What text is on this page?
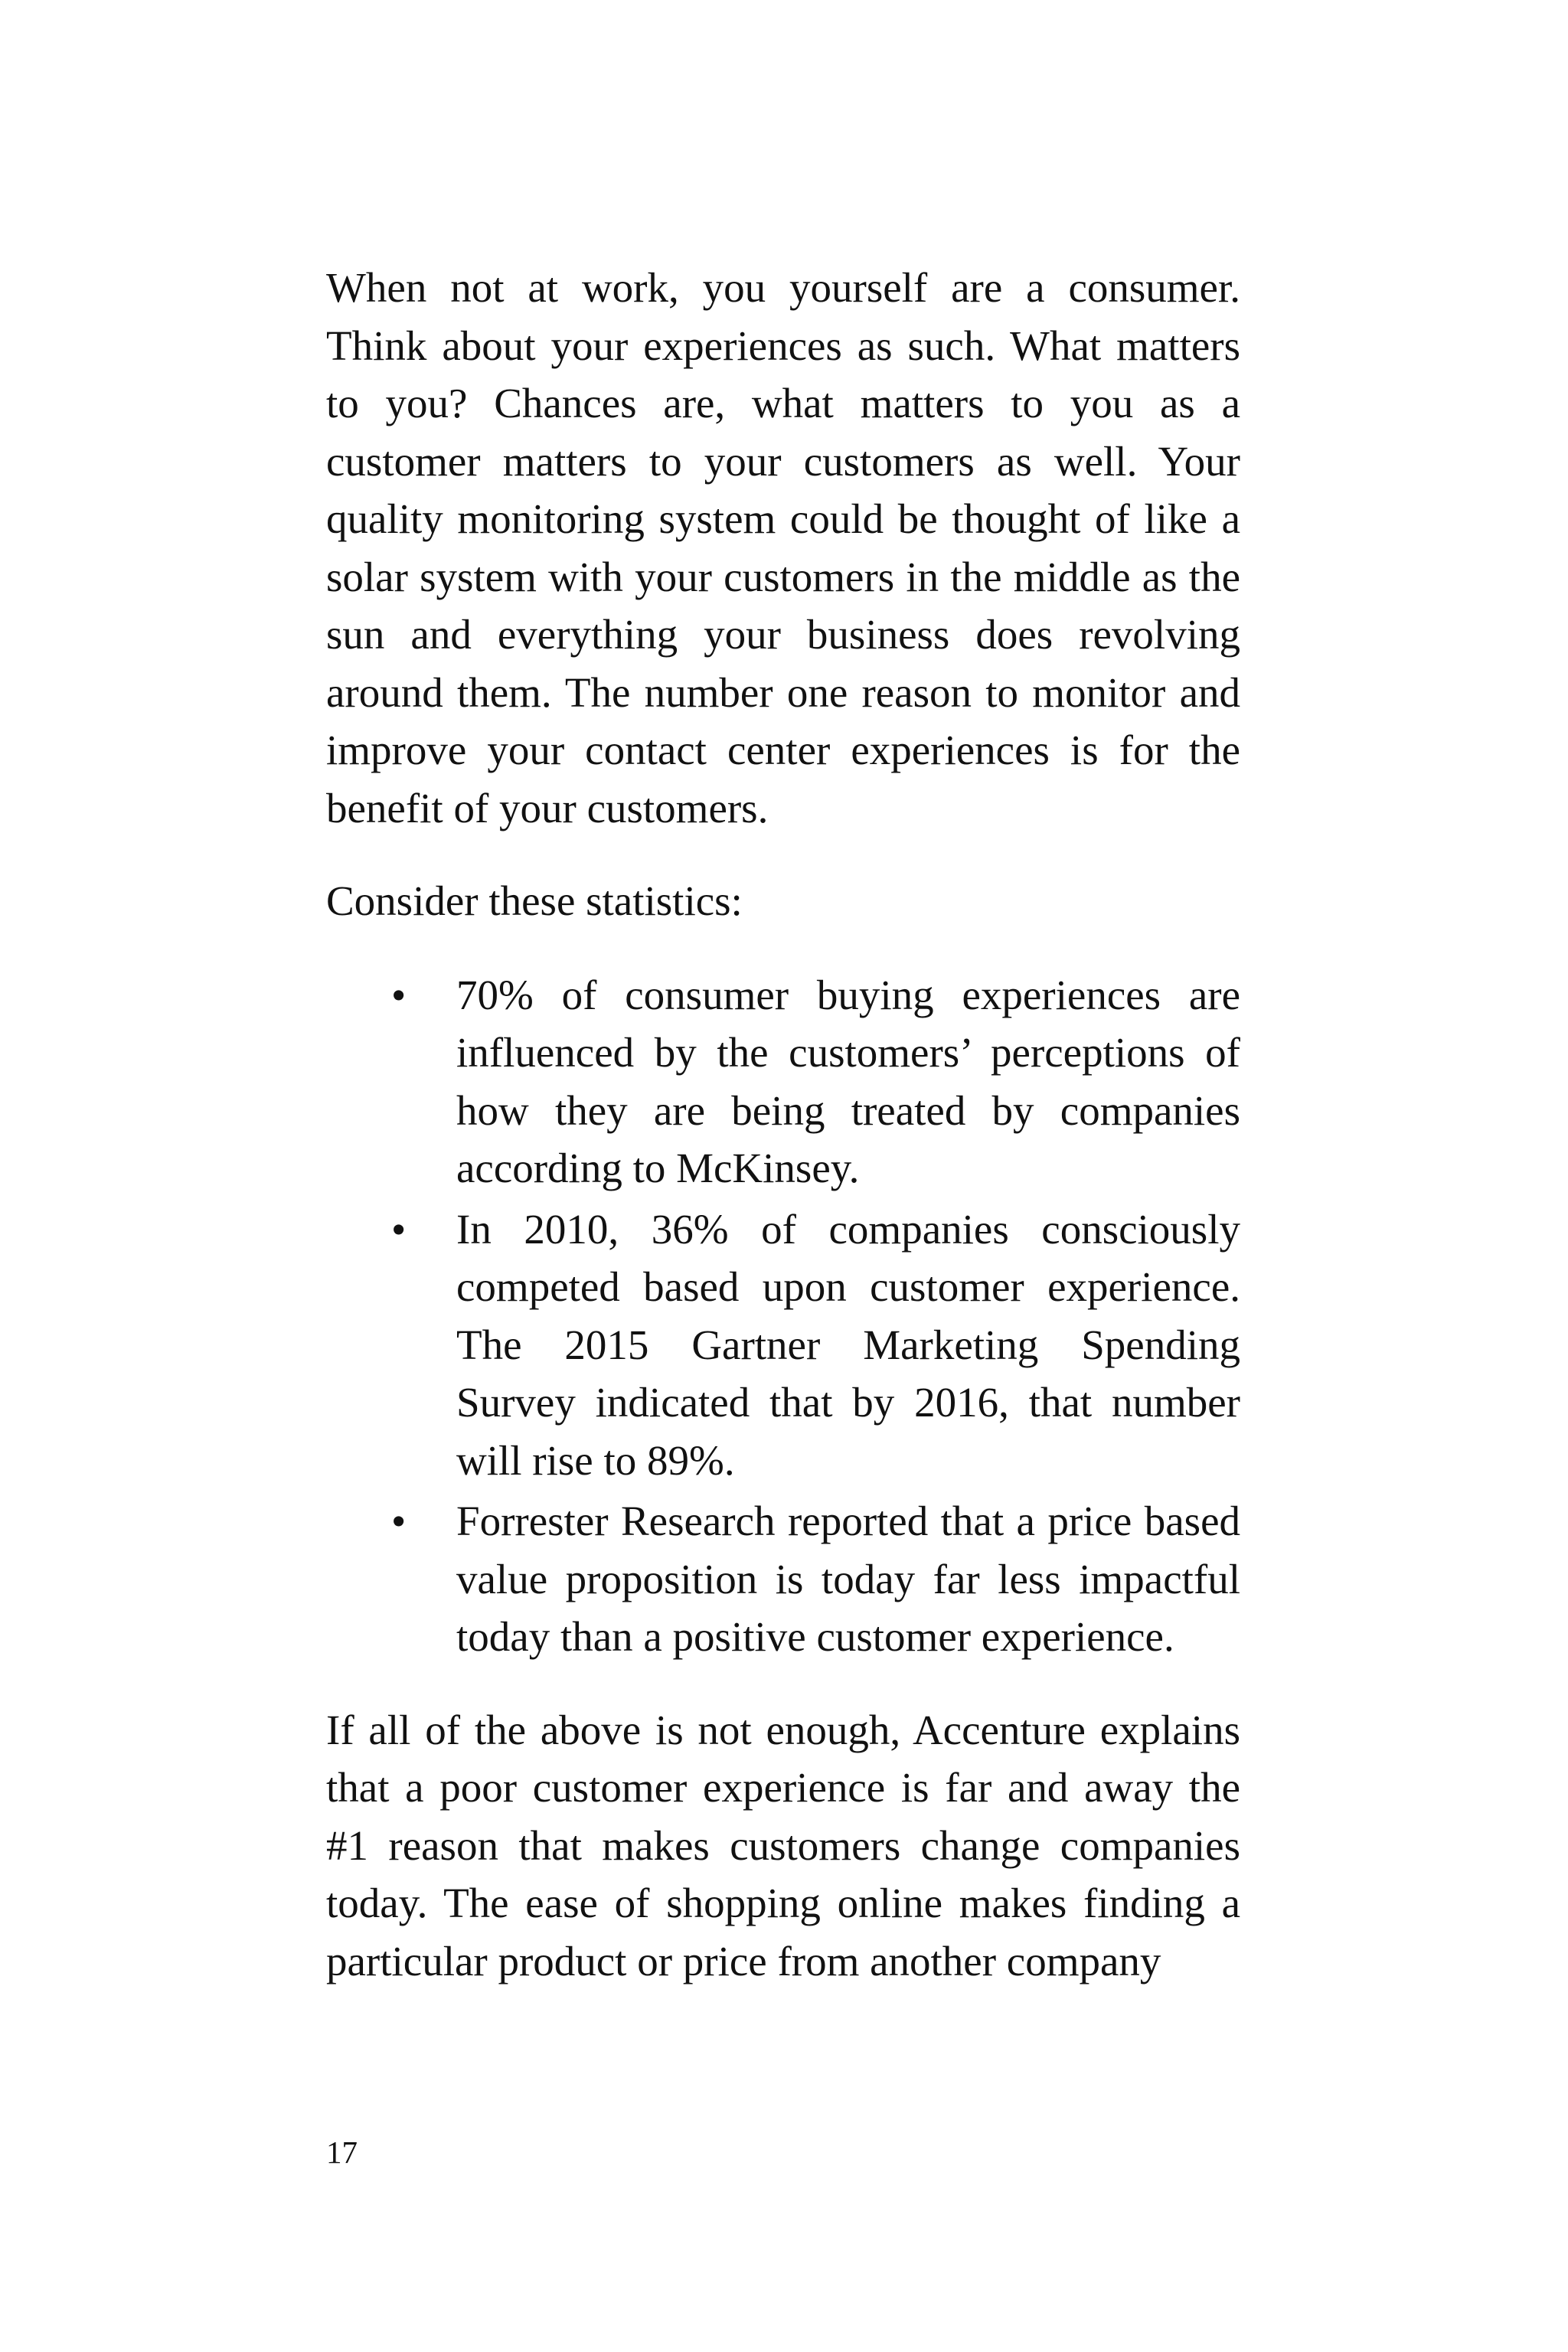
When not at work, you yourself are a consumer. Think about your experiences as such. What matters to you? Chances are, what matters to you as a customer matters to your customers as well. Your quality monitoring system could be thought of like a solar system with your customers in the middle as the sun and everything your business does revolving around them. The number one reason to monitor and improve your contact center experiences is for the benefit of your customers.

Consider these statistics:

•	70% of consumer buying experiences are influenced by the customers’ perceptions of how they are being treated by companies according to McKinsey.
•	In 2010, 36% of companies consciously competed based upon customer experience. The 2015 Gartner Marketing Spending Survey indicated that by 2016, that number will rise to 89%.
•	Forrester Research reported that a price based value proposition is today far less impactful today than a positive customer experience.

If all of the above is not enough, Accenture explains that a poor customer experience is far and away the #1 reason that makes customers change companies today. The ease of shopping online makes finding a particular product or price from another company

17
